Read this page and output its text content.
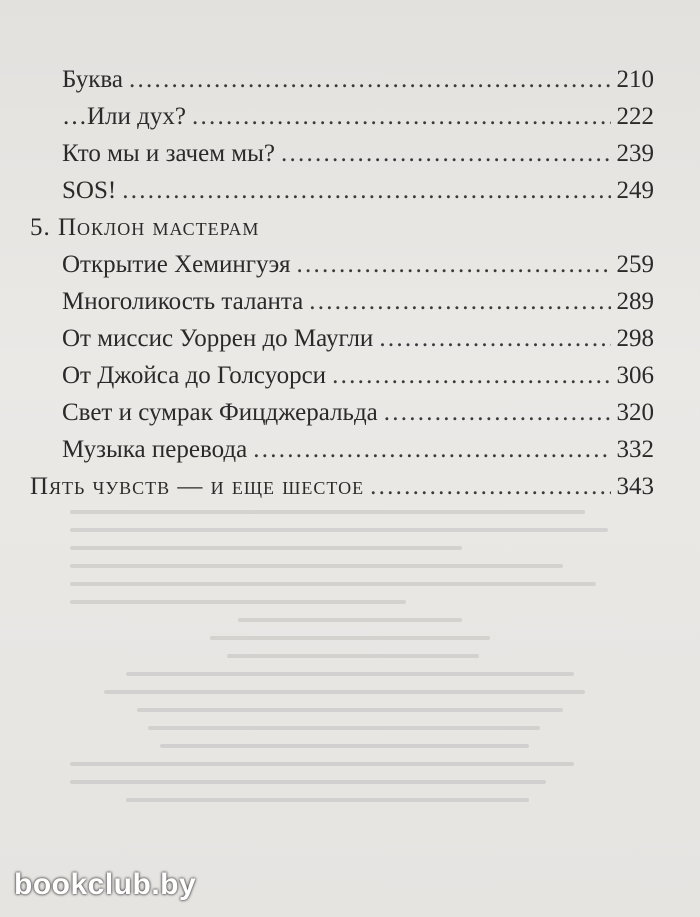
Буква . . .	210
…Или дух? . . .	222
Кто мы и зачем мы? . . .	239
SOS! . . .	249
5. Поклон мастерам
Открытие Хемингуэя . . .	259
Многоликость таланта . . .	289
От миссис Уоррен до Маугли . . .	298
От Джойса до Голсуорси . . .	306
Свет и сумрак Фицджеральда . . .	320
Музыка перевода . . .	332
Пять чувств — и еще шестое . . .	343
bookclub.by
